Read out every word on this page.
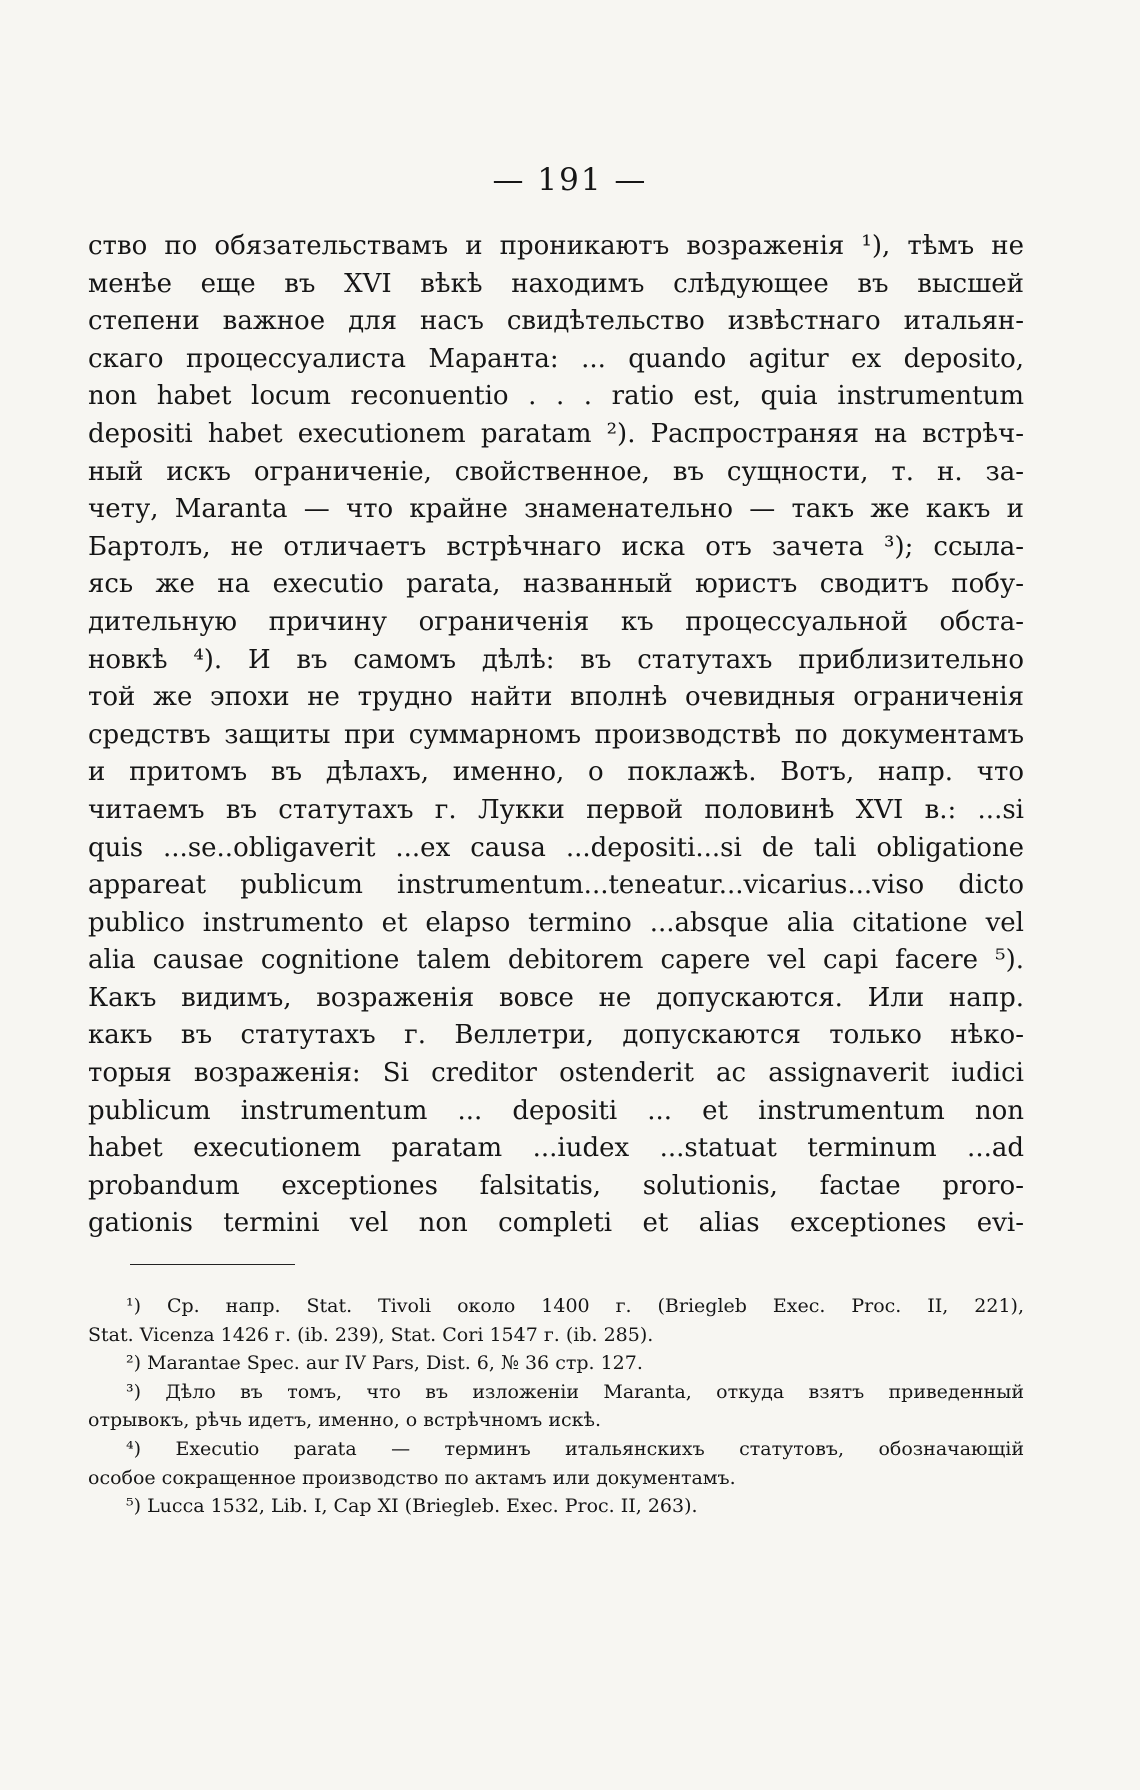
— 191 —
ство по обязательствамъ и проникаютъ возраженія ¹), тѣмъ не
менѣе еще въ XVI вѣкѣ находимъ слѣдующее въ высшей
степени важное для насъ свидѣтельство извѣстнаго итальян-
скаго процессуалиста Маранта: ... quando agitur ex deposito,
non habet locum reconuentio . . . ratio est, quia instrumentum
depositi habet executionem paratam ²). Распространяя на встрѣч-
ный искъ ограниченіе, свойственное, въ сущности, т. н. за-
чету, Maranta — что крайне знаменательно — такъ же какъ и
Бартолъ, не отличаетъ встрѣчнаго иска отъ зачета ³); ссыла-
ясь же на executio parata, названный юристъ сводитъ побу-
дительную причину ограниченія къ процессуальной обста-
новкѣ ⁴). И въ самомъ дѣлѣ: въ статутахъ приблизительно
той же эпохи не трудно найти вполнѣ очевидныя ограниченія
средствъ защиты при суммарномъ производствѣ по документамъ
и притомъ въ дѣлахъ, именно, о поклажѣ. Вотъ, напр. что
читаемъ въ статутахъ г. Лукки первой половинѣ XVI в.: ...si
quis ...se..obligaverit ...ex causa ...depositi...si de tali obligatione
appareat publicum instrumentum...teneatur...vicarius...viso dicto
publico instrumento et elapso termino ...absque alia citatione vel
alia causae cognitione talem debitorem capere vel capi facere ⁵).
Какъ видимъ, возраженія вовсе не допускаются. Или напр.
какъ въ статутахъ г. Веллетри, допускаются только нѣко-
торыя возраженія: Si creditor ostenderit ac assignaverit iudici
publicum instrumentum ... depositi ... et instrumentum non
habet executionem paratam ...iudex ...statuat terminum ...ad
probandum exceptiones falsitatis, solutionis, factae proro-
gationis termini vel non completi et alias exceptiones evi-
¹) Ср. напр. Stat. Tivoli около 1400 г. (Briegleb Exec. Proc. II, 221),
Stat. Vicenza 1426 г. (ib. 239), Stat. Cori 1547 г. (ib. 285).
²) Marantae Spec. aur IV Pars, Dist. 6, № 36 стр. 127.
³) Дѣло въ томъ, что въ изложеніи Maranta, откуда взятъ приведенный
отрывокъ, рѣчь идетъ, именно, о встрѣчномъ искѣ.
⁴) Executio parata — терминъ итальянскихъ статутовъ, обозначающій
особое сокращенное производство по актамъ или документамъ.
⁵) Lucca 1532, Lib. I, Cap XI (Briegleb. Exec. Proc. II, 263).
